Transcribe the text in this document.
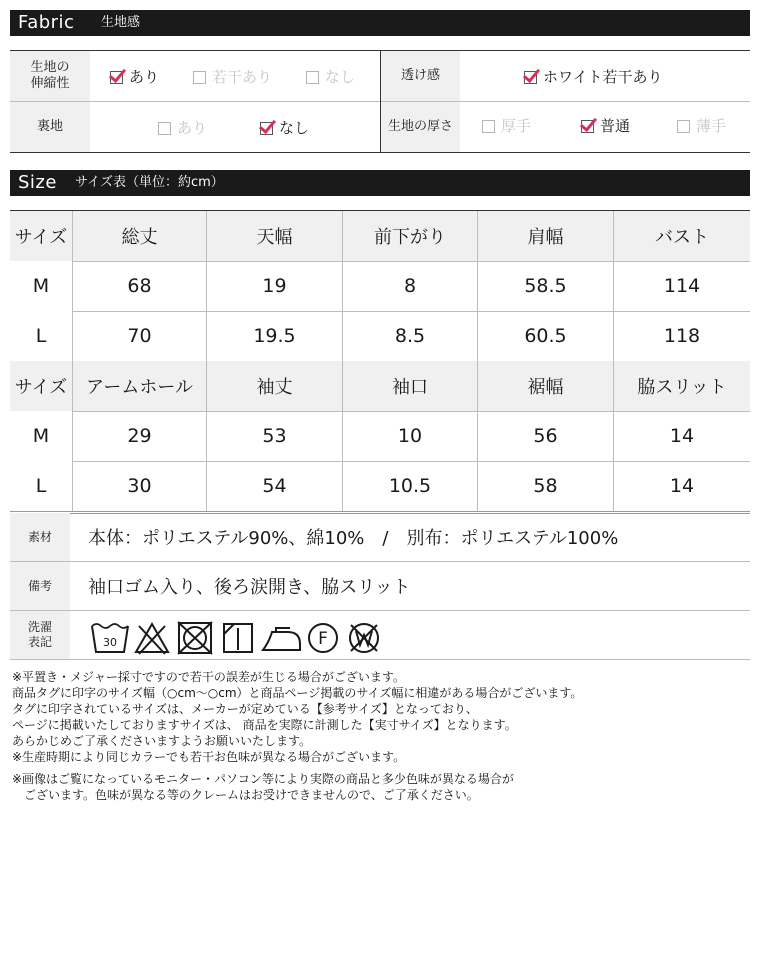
Fabric 生地感
生地の
伸縮性	あり	若干あり	なし	透け感	ホワイト若干あり
裏地	あり	なし	生地の厚さ	厚手	普通	薄手
Size サイズ表（単位：約cm）
サイズ	総丈	天幅	前下がり	肩幅	バスト
M	68	19	8	58.5	114
L	70	19.5	8.5	60.5	118
サイズ	アームホール	袖丈	袖口	裾幅	脇スリット
M	29	53	10	56	14
L	30	54	10.5	58	14
素材	本体：ポリエステル90%、綿10%　/　別布：ポリエステル100%
備考	袖口ゴム入り、後ろ涙開き、脇スリット
洗濯
表記	30	F
※平置き・メジャー採寸ですので若干の誤差が生じる場合がございます。
商品タグに印字のサイズ幅（○cm～○cm）と商品ページ掲載のサイズ幅に相違がある場合がございます。
タグに印字されているサイズは、メーカーが定めている【参考サイズ】となっており、
ページに掲載いたしておりますサイズは、 商品を実際に計測した【実寸サイズ】となります。
あらかじめご了承くださいますようお願いいたします。
※生産時期により同じカラーでも若干お色味が異なる場合がございます。
※画像はご覧になっているモニター・パソコン等により実際の商品と多少色味が異なる場合が
　ございます。色味が異なる等のクレームはお受けできませんので、ご了承ください。
